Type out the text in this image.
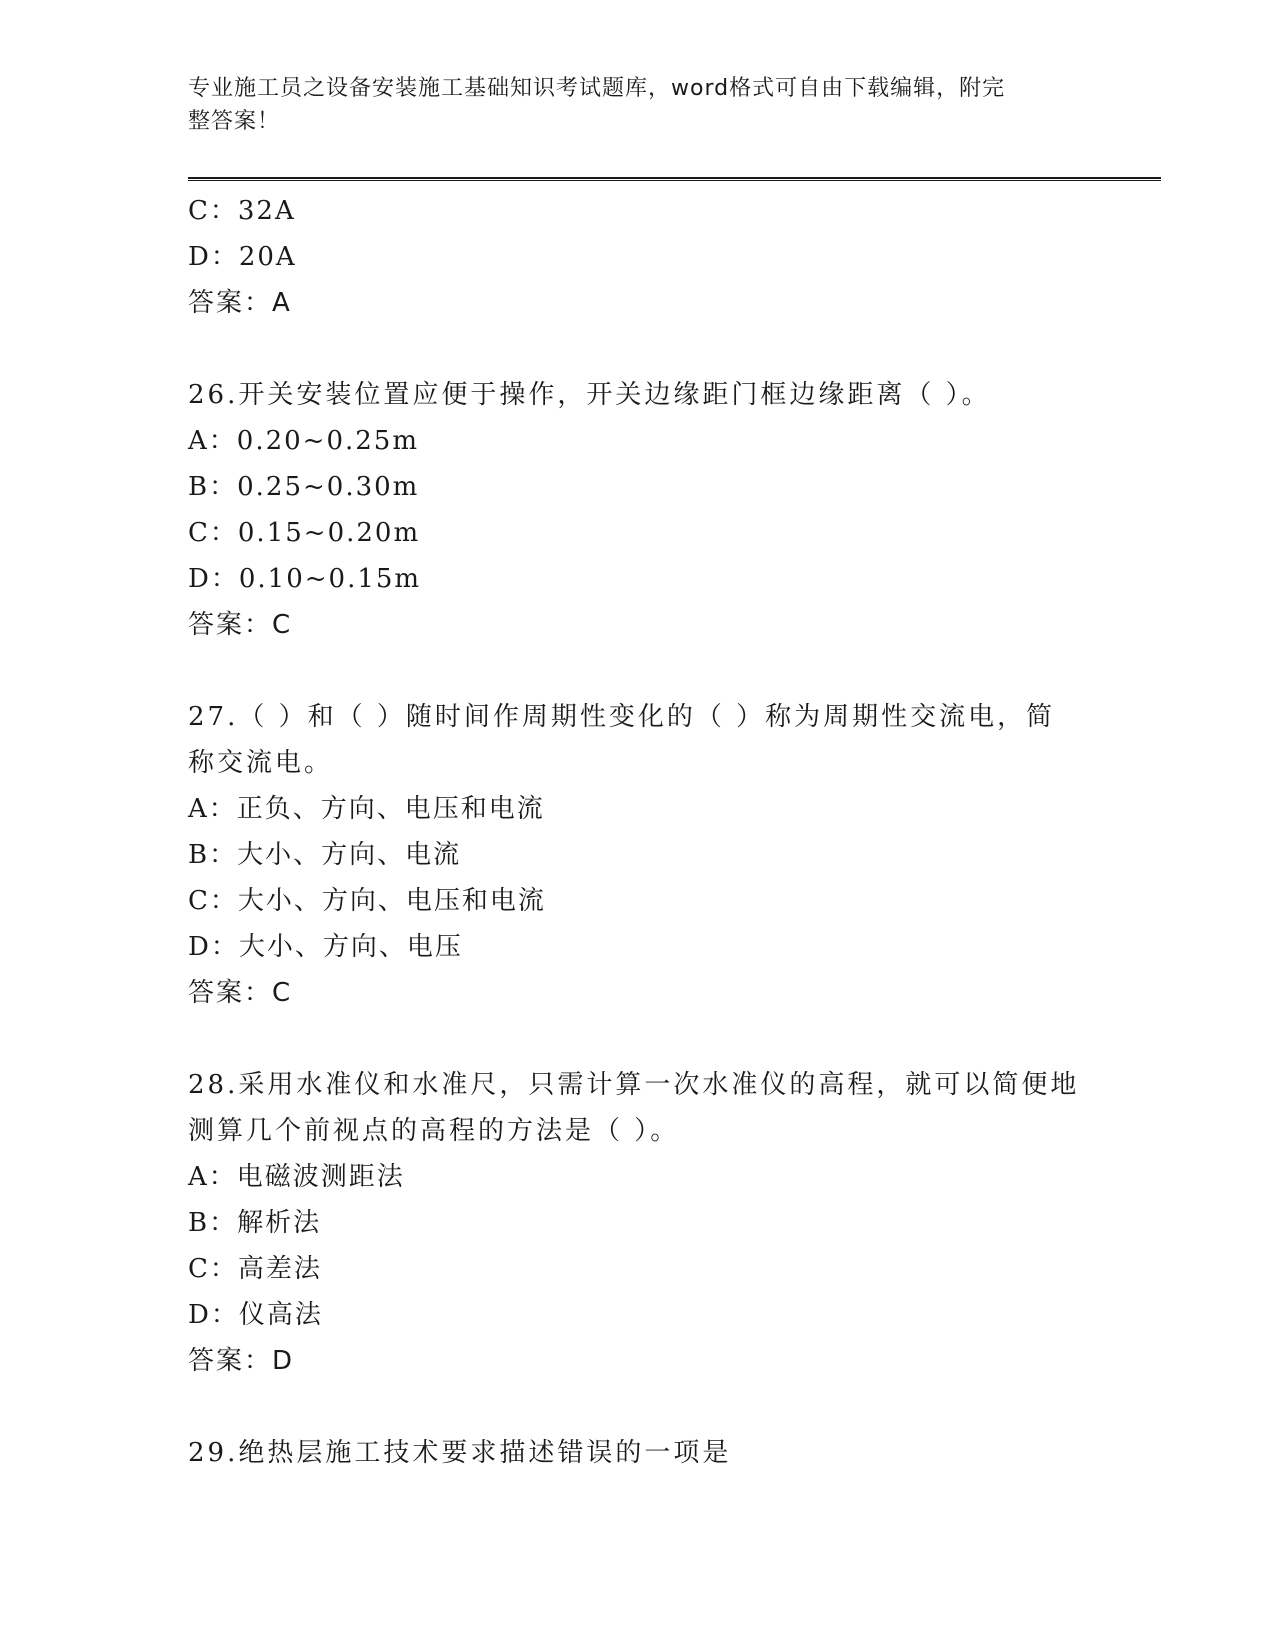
专业施工员之设备安装施工基础知识考试题库，word格式可自由下载编辑，附完
整答案！
C：32A
D：20A
答案：A
26.开关安装位置应便于操作，开关边缘距门框边缘距离（ ）。
A：0.20~0.25m
B：0.25~0.30m
C：0.15~0.20m
D：0.10~0.15m
答案：C
27.（ ）和（ ）随时间作周期性变化的（ ）称为周期性交流电，简
称交流电。
A：正负、方向、电压和电流
B：大小、方向、电流
C：大小、方向、电压和电流
D：大小、方向、电压
答案：C
28.采用水准仪和水准尺，只需计算一次水准仪的高程，就可以简便地
测算几个前视点的高程的方法是（ ）。
A：电磁波测距法
B：解析法
C：高差法
D：仪高法
答案：D
29.绝热层施工技术要求描述错误的一项是
